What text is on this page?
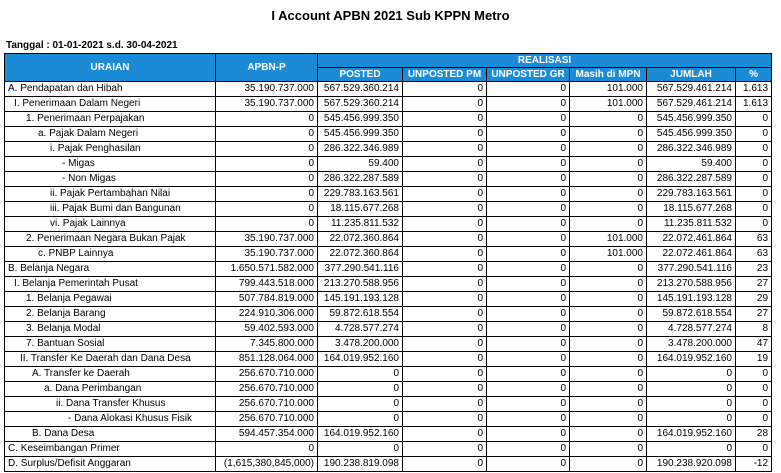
I Account APBN 2021 Sub KPPN Metro
Tanggal : 01-01-2021 s.d. 30-04-2021
URAIAN	APBN-P	REALISASI					
		POSTED	UNPOSTED PM	UNPOSTED GR	Masih di MPN	JUMLAH	%
A. Pendapatan dan Hibah	35.190.737.000	567.529.360.214	0	0	101.000	567.529.461.214	1.613
I. Penerimaan Dalam Negeri	35.190.737.000	567.529.360.214	0	0	101.000	567.529.461.214	1.613
1. Penerimaan Perpajakan	0	545.456.999.350	0	0	0	545.456.999.350	0
a. Pajak Dalam Negeri	0	545.456.999.350	0	0	0	545.456.999.350	0
i. Pajak Penghasilan	0	286.322.346.989	0	0	0	286.322.346.989	0
- Migas	0	59.400	0	0	0	59.400	0
- Non Migas	0	286.322.287.589	0	0	0	286.322.287.589	0
ii. Pajak Pertambahan Nilai	0	229.783.163.561	0	0	0	229.783.163.561	0
iii. Pajak Bumi dan Bangunan	0	18.115.677.268	0	0	0	18.115.677.268	0
vi. Pajak Lainnya	0	11.235.811.532	0	0	0	11.235.811.532	0
2. Penerimaan Negara Bukan Pajak	35.190.737.000	22.072.360.864	0	0	101.000	22.072.461.864	63
c. PNBP Lainnya	35.190.737.000	22.072.360.864	0	0	101.000	22.072.461.864	63
B. Belanja Negara	1.650.571.582.000	377.290.541.116	0	0	0	377.290.541.116	23
I. Belanja Pemerintah Pusat	799.443.518.000	213.270.588.956	0	0	0	213.270.588.956	27
1. Belanja Pegawai	507.784.819.000	145.191.193.128	0	0	0	145.191.193.128	29
2. Belanja Barang	224.910.306.000	59.872.618.554	0	0	0	59.872.618.554	27
3. Belanja Modal	59.402.593.000	4.728.577.274	0	0	0	4.728.577.274	8
7. Bantuan Sosial	7.345.800.000	3.478.200.000	0	0	0	3.478.200.000	47
II. Transfer Ke Daerah dan Dana Desa	851.128.064.000	164.019.952.160	0	0	0	164.019.952.160	19
A. Transfer ke Daerah	256.670.710.000	0	0	0	0	0	0
a. Dana Perimbangan	256.670.710.000	0	0	0	0	0	0
ii. Dana Transfer Khusus	256.670.710.000	0	0	0	0	0	0
- Dana Alokasi Khusus Fisik	256.670.710.000	0	0	0	0	0	0
B. Dana Desa	594.457.354.000	164.019.952.160	0	0	0	164.019.952.160	28
C. Keseimbangan Primer	0	0	0	0	0	0	0
D. Surplus/Defisit Anggaran	(1,615,380,845,000)	190.238.819.098	0	0	0	190.238.920.098	-12
